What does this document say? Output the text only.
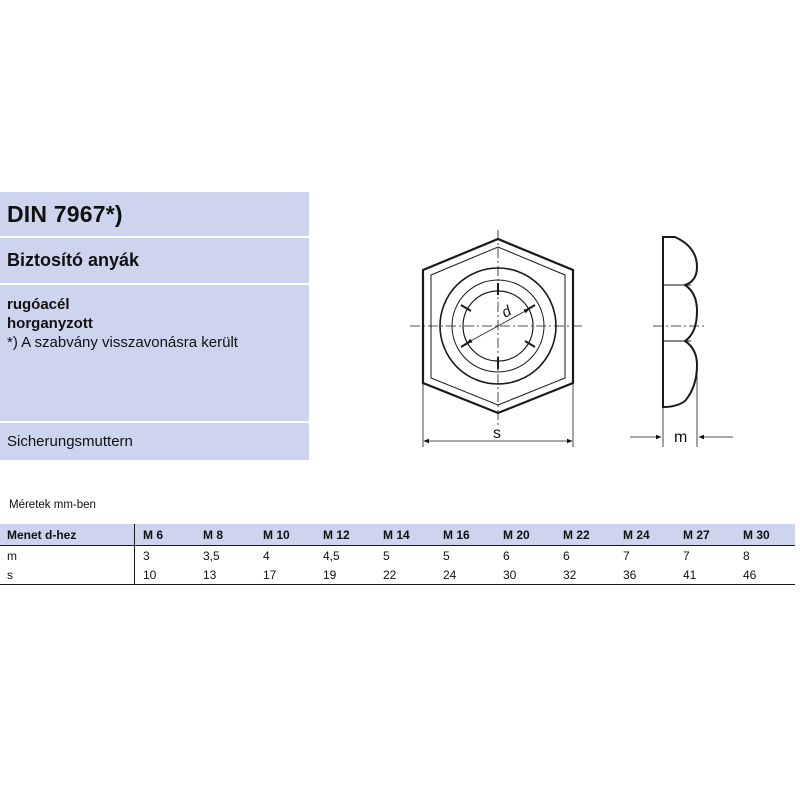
DIN 7967*)
Biztosító anyák
rugóacél
horganyzott
*) A szabvány visszavonásra került
Sicherungsmuttern
d
s	m
Méretek mm-ben
Menet d-hez	M 6	M 8	M 10	M 12	M 14	M 16	M 20	M 22	M 24	M 27	M 30
m	3	3,5	4	4,5	5	5	6	6	7	7	8
s	10	13	17	19	22	24	30	32	36	41	46
